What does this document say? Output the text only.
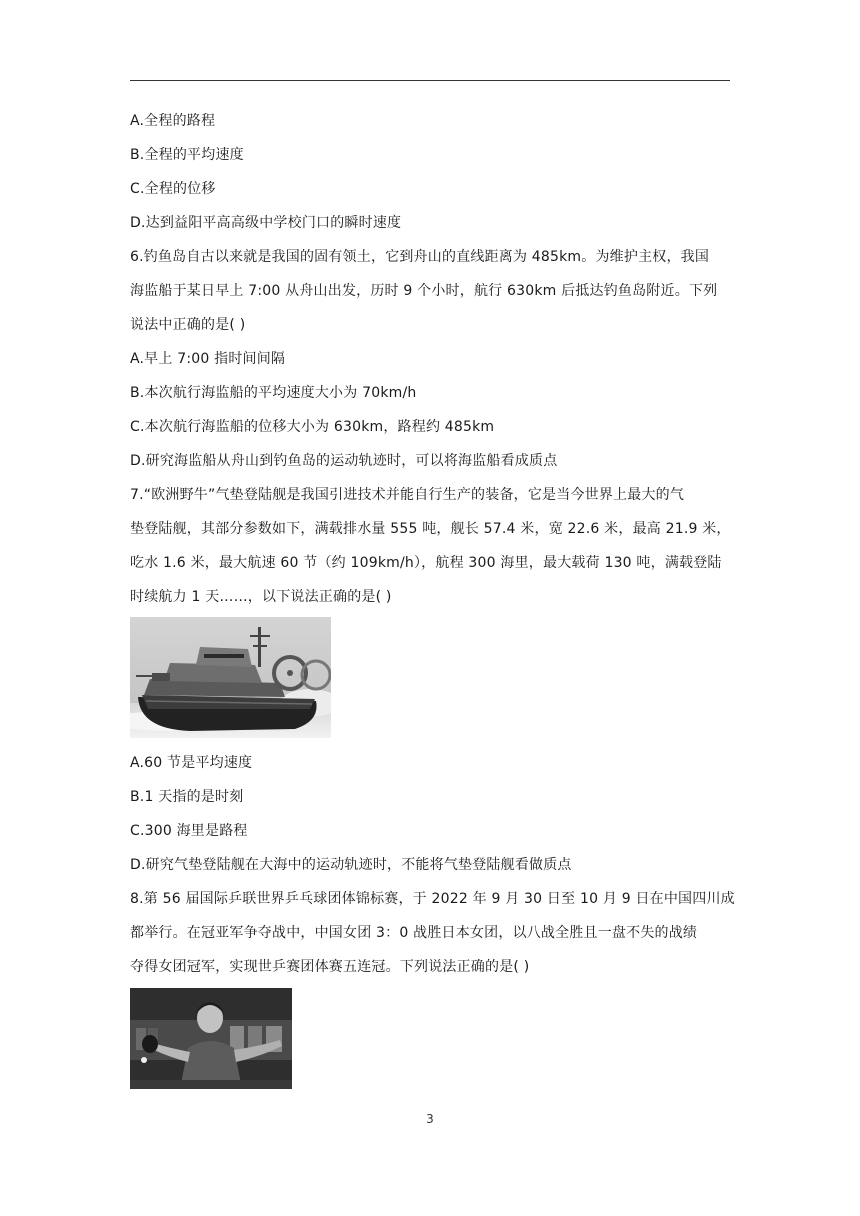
A.全程的路程
B.全程的平均速度
C.全程的位移
D.达到益阳平高高级中学校门口的瞬时速度
6.钓鱼岛自古以来就是我国的固有领土，它到舟山的直线距离为 485km。为维护主权，我国
海监船于某日早上 7:00 从舟山出发，历时 9 个小时，航行 630km 后抵达钓鱼岛附近。下列
说法中正确的是( )
A.早上 7:00 指时间间隔
B.本次航行海监船的平均速度大小为 70km/h
C.本次航行海监船的位移大小为 630km，路程约 485km
D.研究海监船从舟山到钓鱼岛的运动轨迹时，可以将海监船看成质点
7.“欧洲野牛”气垫登陆舰是我国引进技术并能自行生产的装备，它是当今世界上最大的气
垫登陆舰，其部分参数如下，满载排水量 555 吨，舰长 57.4 米，宽 22.6 米，最高 21.9 米，
吃水 1.6 米，最大航速 60 节（约 109km/h），航程 300 海里，最大载荷 130 吨，满载登陆
时续航力 1 天……，以下说法正确的是( )
A.60 节是平均速度
B.1 天指的是时刻
C.300 海里是路程
D.研究气垫登陆舰在大海中的运动轨迹时，不能将气垫登陆舰看做质点
8.第 56 届国际乒联世界乒乓球团体锦标赛，于 2022 年 9 月 30 日至 10 月 9 日在中国四川成
都举行。在冠亚军争夺战中，中国女团 3：0 战胜日本女团，以八战全胜且一盘不失的战绩
夺得女团冠军，实现世乒赛团体赛五连冠。下列说法正确的是( )
3
